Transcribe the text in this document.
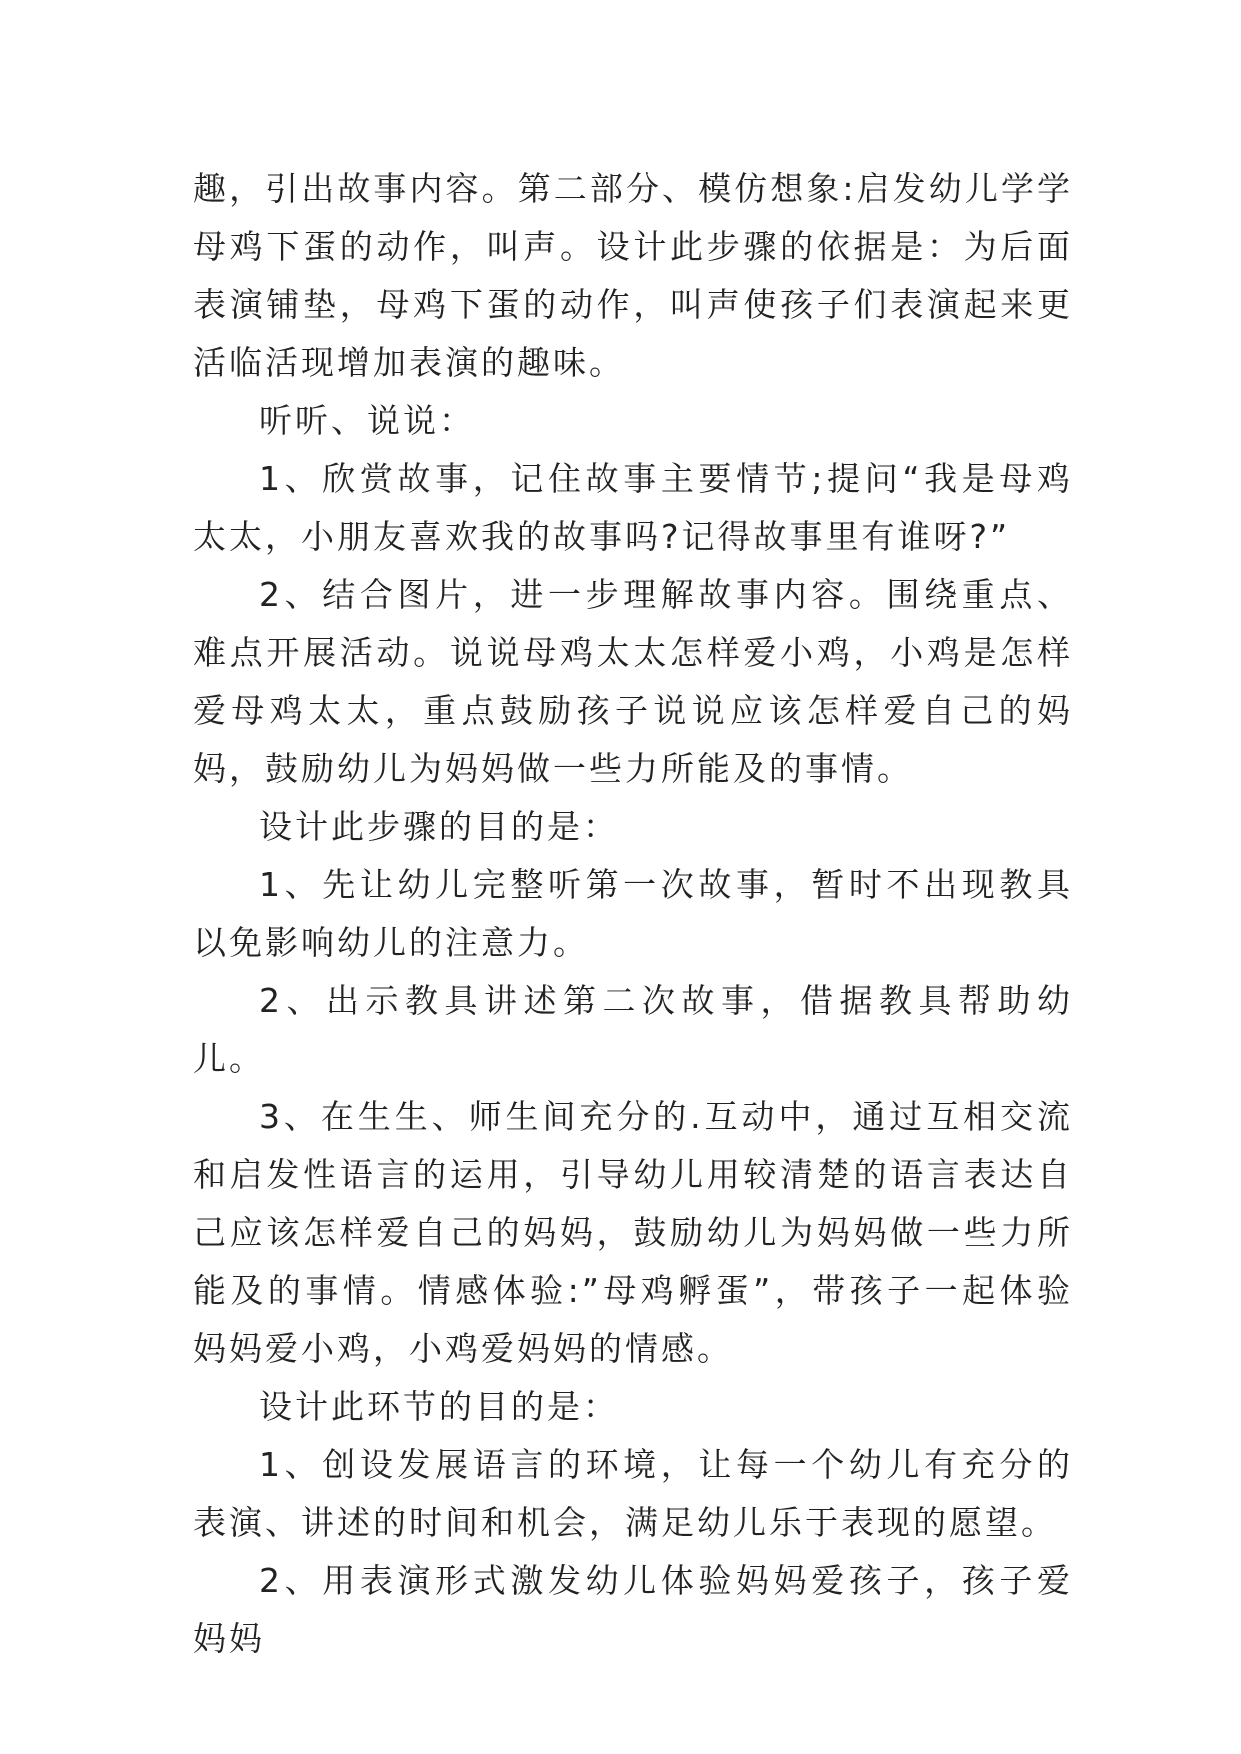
趣，引出故事内容。第二部分、模仿想象:启发幼儿学学母鸡下蛋的动作，叫声。设计此步骤的依据是：为后面表演铺垫，母鸡下蛋的动作，叫声使孩子们表演起来更活临活现增加表演的趣味。

听听、说说：

1、欣赏故事，记住故事主要情节;提问“我是母鸡太太，小朋友喜欢我的故事吗?记得故事里有谁呀?”

2、结合图片，进一步理解故事内容。围绕重点、难点开展活动。说说母鸡太太怎样爱小鸡，小鸡是怎样爱母鸡太太，重点鼓励孩子说说应该怎样爱自己的妈妈，鼓励幼儿为妈妈做一些力所能及的事情。

设计此步骤的目的是：

1、先让幼儿完整听第一次故事，暂时不出现教具以免影响幼儿的注意力。

2、出示教具讲述第二次故事，借据教具帮助幼儿。

3、在生生、师生间充分的.互动中，通过互相交流和启发性语言的运用，引导幼儿用较清楚的语言表达自己应该怎样爱自己的妈妈，鼓励幼儿为妈妈做一些力所能及的事情。情感体验:”母鸡孵蛋”，带孩子一起体验妈妈爱小鸡，小鸡爱妈妈的情感。

设计此环节的目的是：

1、创设发展语言的环境，让每一个幼儿有充分的表演、讲述的时间和机会，满足幼儿乐于表现的愿望。

2、用表演形式激发幼儿体验妈妈爱孩子，孩子爱妈妈
